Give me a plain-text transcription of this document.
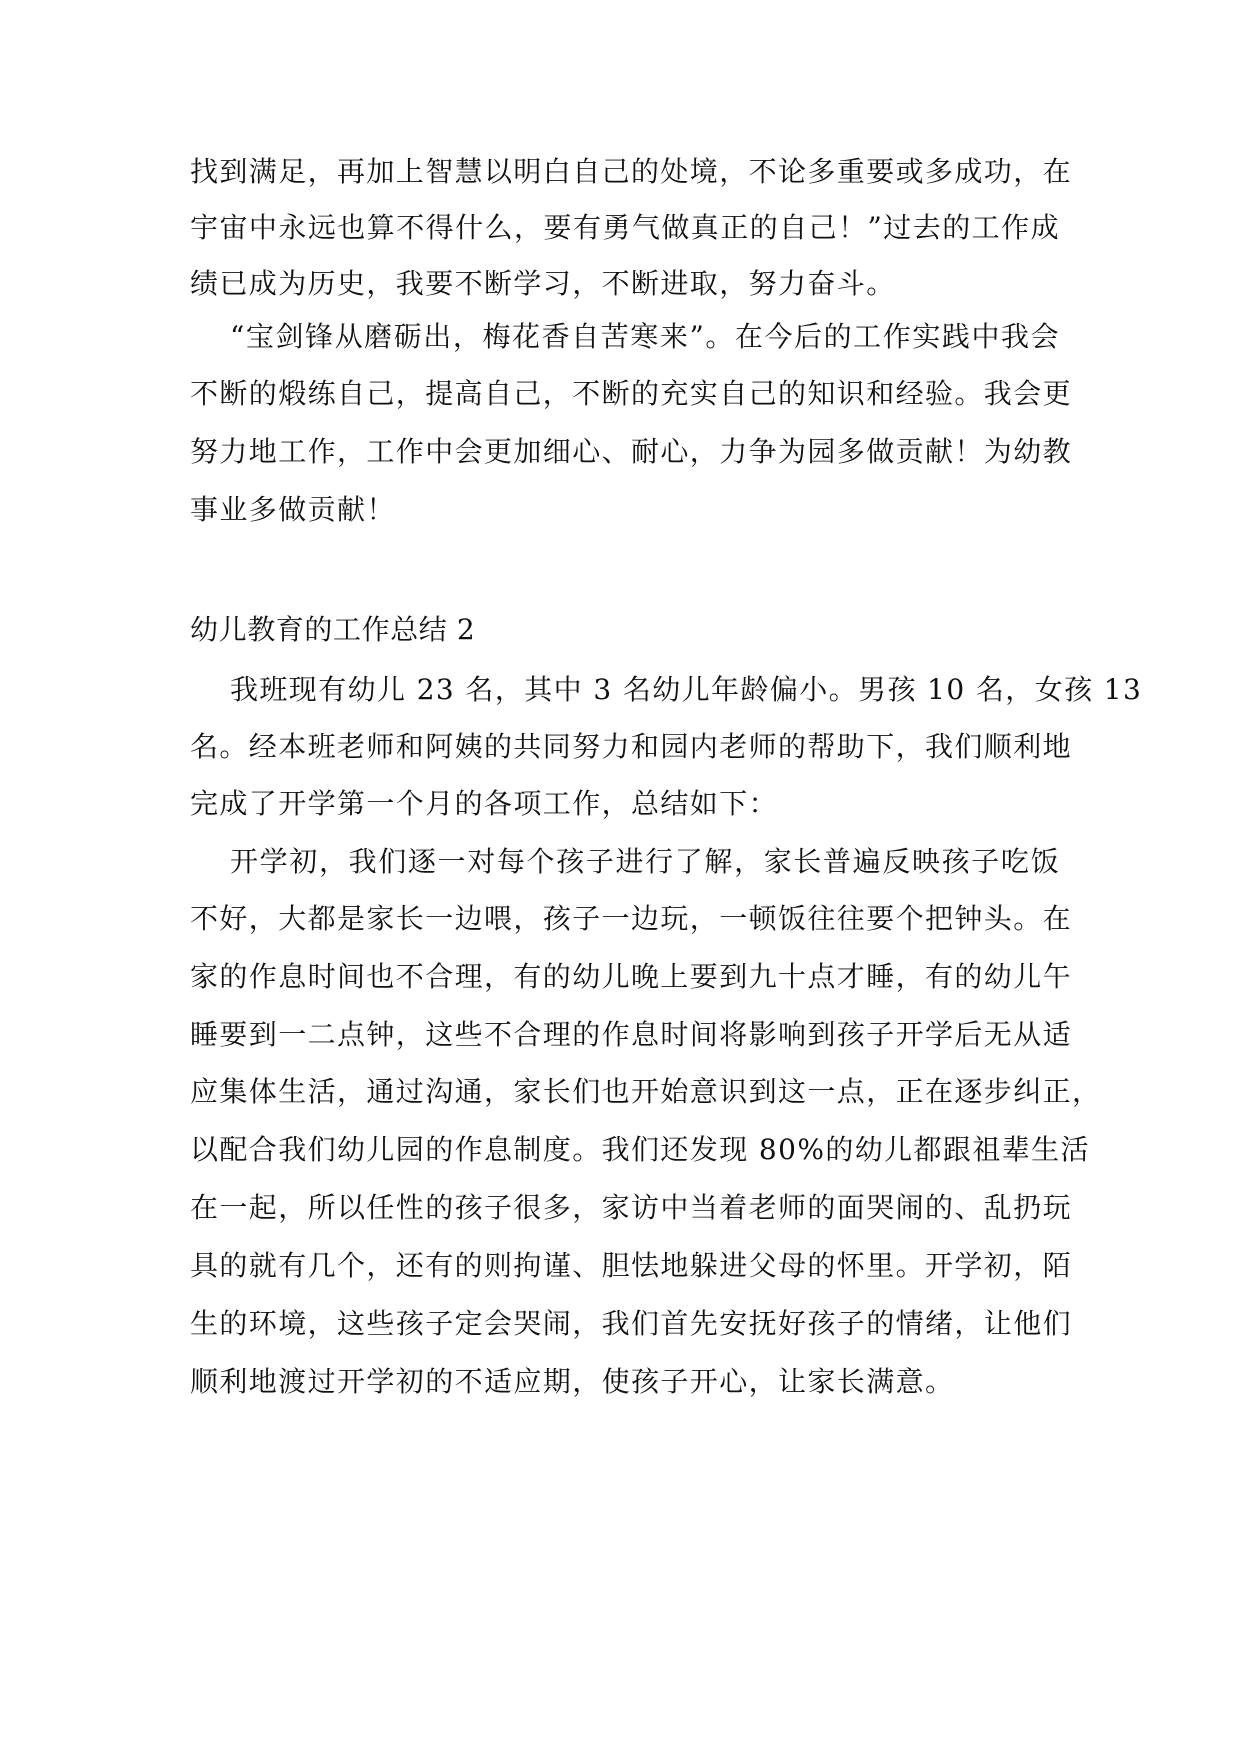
找到满足，再加上智慧以明白自己的处境，不论多重要或多成功，在
宇宙中永远也算不得什么，要有勇气做真正的自己！”过去的工作成
绩已成为历史，我要不断学习，不断进取，努力奋斗。
“宝剑锋从磨砺出，梅花香自苦寒来”。在今后的工作实践中我会
不断的煅练自己，提高自己，不断的充实自己的知识和经验。我会更
努力地工作，工作中会更加细心、耐心，力争为园多做贡献！为幼教
事业多做贡献！
幼儿教育的工作总结 2
我班现有幼儿 23 名，其中 3 名幼儿年龄偏小。男孩 10 名，女孩 13
名。经本班老师和阿姨的共同努力和园内老师的帮助下，我们顺利地
完成了开学第一个月的各项工作，总结如下：
开学初，我们逐一对每个孩子进行了解，家长普遍反映孩子吃饭
不好，大都是家长一边喂，孩子一边玩，一顿饭往往要个把钟头。在
家的作息时间也不合理，有的幼儿晚上要到九十点才睡，有的幼儿午
睡要到一二点钟，这些不合理的作息时间将影响到孩子开学后无从适
应集体生活，通过沟通，家长们也开始意识到这一点，正在逐步纠正，
以配合我们幼儿园的作息制度。我们还发现 80%的幼儿都跟祖辈生活
在一起，所以任性的孩子很多，家访中当着老师的面哭闹的、乱扔玩
具的就有几个，还有的则拘谨、胆怯地躲进父母的怀里。开学初，陌
生的环境，这些孩子定会哭闹，我们首先安抚好孩子的情绪，让他们
顺利地渡过开学初的不适应期，使孩子开心，让家长满意。
